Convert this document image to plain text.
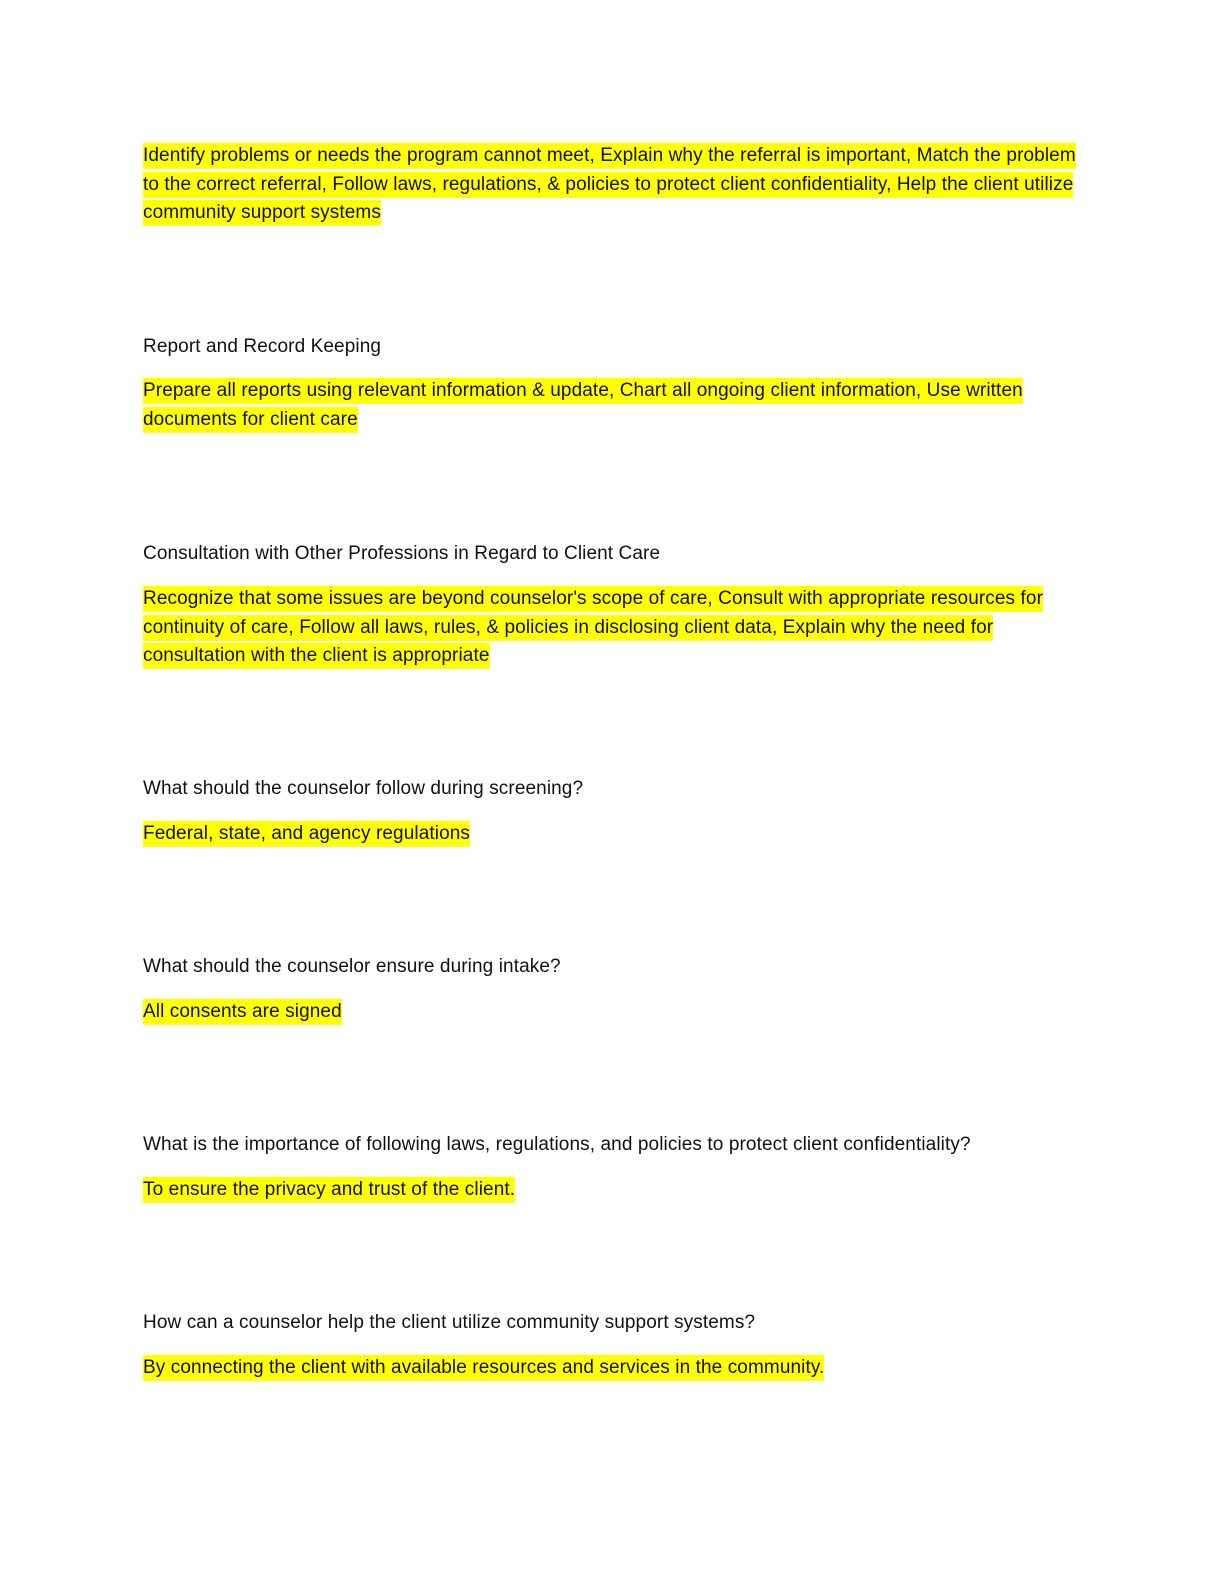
Identify problems or needs the program cannot meet, Explain why the referral is important, Match the problem to the correct referral, Follow laws, regulations, & policies to protect client confidentiality, Help the client utilize community support systems

Report and Record Keeping

Prepare all reports using relevant information & update, Chart all ongoing client information, Use written documents for client care

Consultation with Other Professions in Regard to Client Care

Recognize that some issues are beyond counselor's scope of care, Consult with appropriate resources for continuity of care, Follow all laws, rules, & policies in disclosing client data, Explain why the need for consultation with the client is appropriate

What should the counselor follow during screening?

Federal, state, and agency regulations

What should the counselor ensure during intake?

All consents are signed

What is the importance of following laws, regulations, and policies to protect client confidentiality?

To ensure the privacy and trust of the client.

How can a counselor help the client utilize community support systems?

By connecting the client with available resources and services in the community.
